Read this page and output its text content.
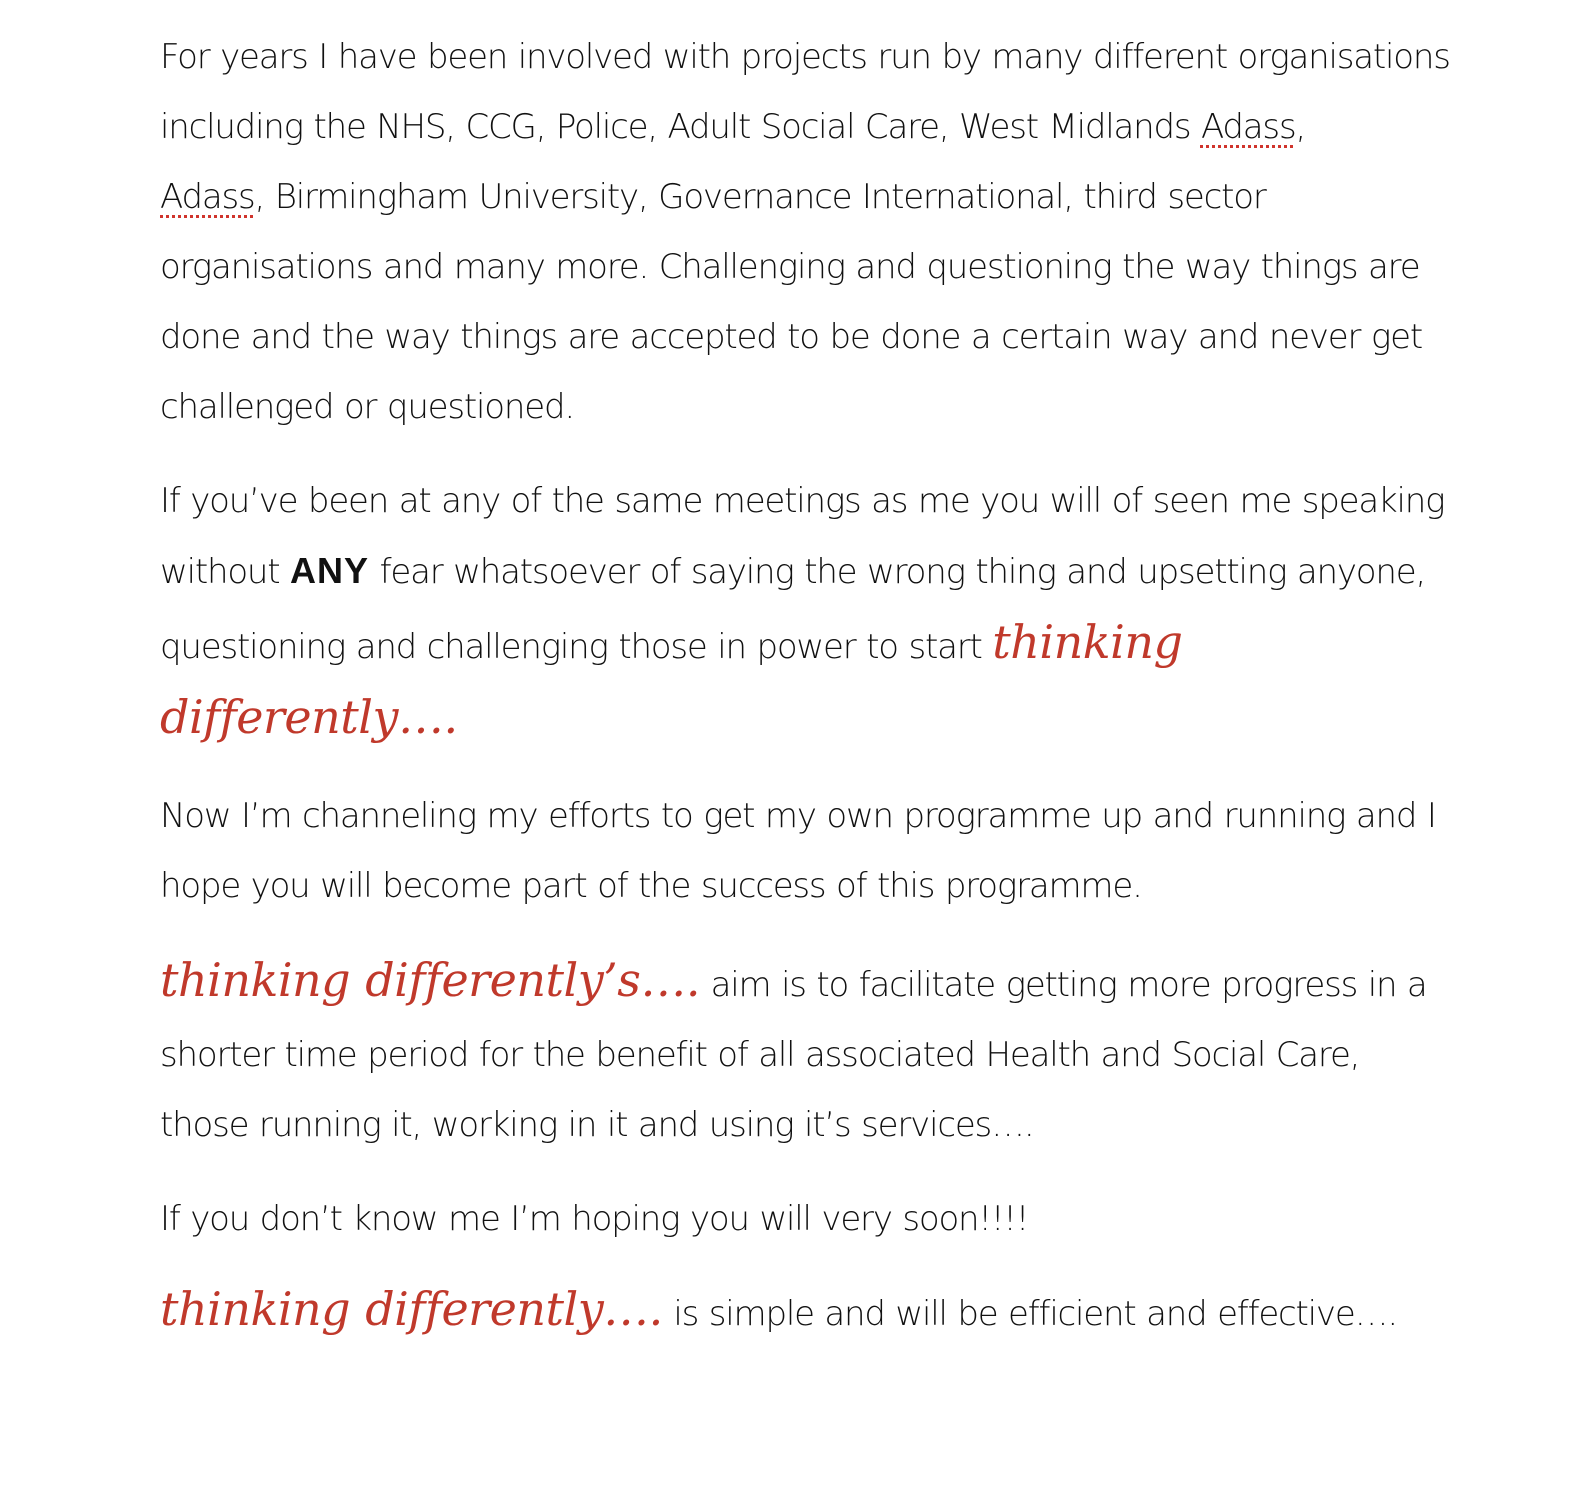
For years I have been involved with projects run by many different organisations
including the NHS, CCG, Police, Adult Social Care, West Midlands Adass,
Adass, Birmingham University, Governance International, third sector
organisations and many more. Challenging and questioning the way things are
done and the way things are accepted to be done a certain way and never get
challenged or questioned.

If you’ve been at any of the same meetings as me you will of seen me speaking
without ANY fear whatsoever of saying the wrong thing and upsetting anyone,
questioning and challenging those in power to start thinking
differently….

Now I’m channeling my efforts to get my own programme up and running and I
hope you will become part of the success of this programme.

thinking differently’s…. aim is to facilitate getting more progress in a
shorter time period for the benefit of all associated Health and Social Care,
those running it, working in it and using it’s services….

If you don’t know me I’m hoping you will very soon!!!!

thinking differently…. is simple and will be efficient and effective….
